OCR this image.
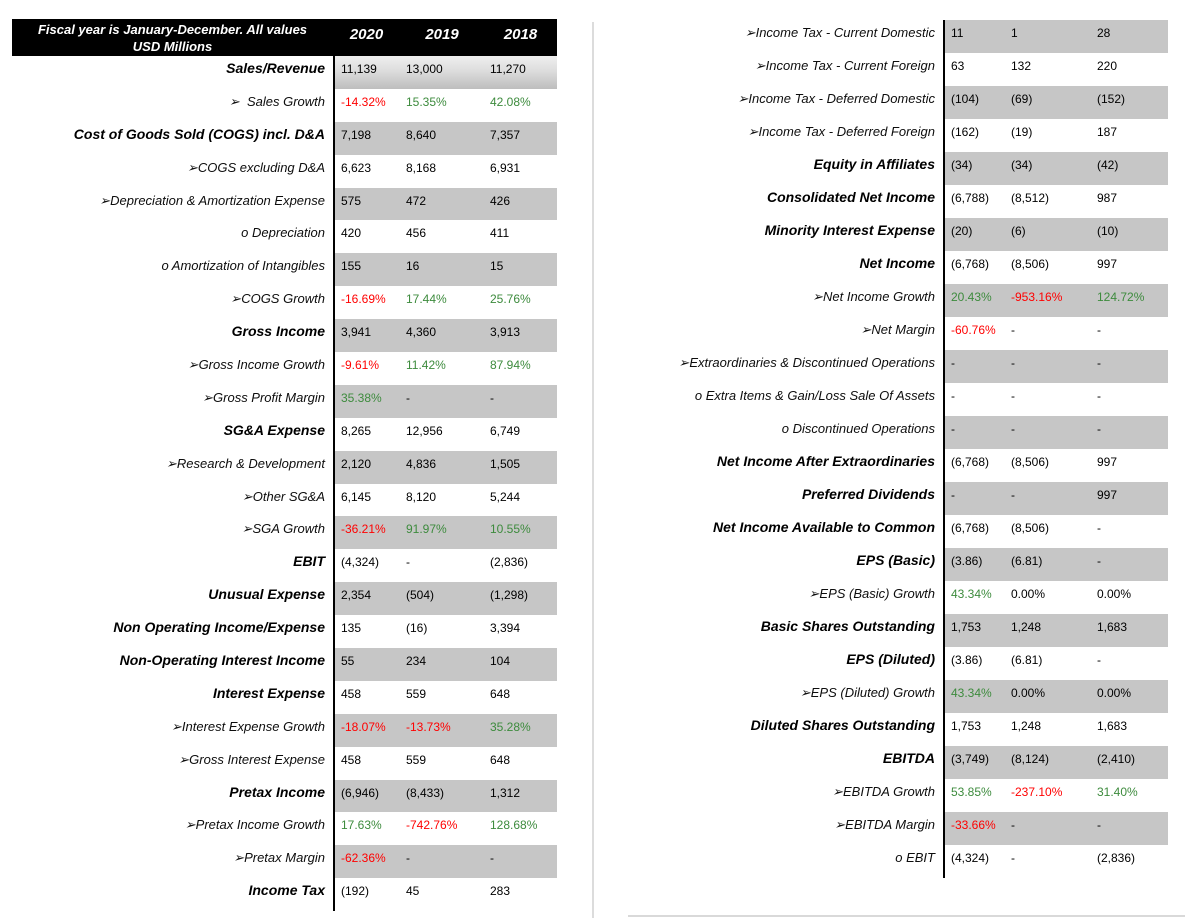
Fiscal year is January-December. All values
USD Millions
2020	2019	2018
Sales/Revenue	11,139	13,000	11,270
➢  Sales Growth	-14.32%	15.35%	42.08%
Cost of Goods Sold (COGS) incl. D&A	7,198	8,640	7,357
➢COGS excluding D&A	6,623	8,168	6,931
➢Depreciation & Amortization Expense	575	472	426
o Depreciation	420	456	411
o Amortization of Intangibles	155	16	15
➢COGS Growth	-16.69%	17.44%	25.76%
Gross Income	3,941	4,360	3,913
➢Gross Income Growth	-9.61%	11.42%	87.94%
➢Gross Profit Margin	35.38%	-	-
SG&A Expense	8,265	12,956	6,749
➢Research & Development	2,120	4,836	1,505
➢Other SG&A	6,145	8,120	5,244
➢SGA Growth	-36.21%	91.97%	10.55%
EBIT	(4,324)	-	(2,836)
Unusual Expense	2,354	(504)	(1,298)
Non Operating Income/Expense	135	(16)	3,394
Non-Operating Interest Income	55	234	104
Interest Expense	458	559	648
➢Interest Expense Growth	-18.07%	-13.73%	35.28%
➢Gross Interest Expense	458	559	648
Pretax Income	(6,946)	(8,433)	1,312
➢Pretax Income Growth	17.63%	-742.76%	128.68%
➢Pretax Margin	-62.36%	-	-
Income Tax	(192)	45	283
➢Income Tax - Current Domestic	11	1	28
➢Income Tax - Current Foreign	63	132	220
➢Income Tax - Deferred Domestic	(104)	(69)	(152)
➢Income Tax - Deferred Foreign	(162)	(19)	187
Equity in Affiliates	(34)	(34)	(42)
Consolidated Net Income	(6,788)	(8,512)	987
Minority Interest Expense	(20)	(6)	(10)
Net Income	(6,768)	(8,506)	997
➢Net Income Growth	20.43%	-953.16%	124.72%
➢Net Margin	-60.76%	-	-
➢Extraordinaries & Discontinued Operations	-	-	-
o Extra Items & Gain/Loss Sale Of Assets	-	-	-
o Discontinued Operations	-	-	-
Net Income After Extraordinaries	(6,768)	(8,506)	997
Preferred Dividends	-	-	997
Net Income Available to Common	(6,768)	(8,506)	-
EPS (Basic)	(3.86)	(6.81)	-
➢EPS (Basic) Growth	43.34%	0.00%	0.00%
Basic Shares Outstanding	1,753	1,248	1,683
EPS (Diluted)	(3.86)	(6.81)	-
➢EPS (Diluted) Growth	43.34%	0.00%	0.00%
Diluted Shares Outstanding	1,753	1,248	1,683
EBITDA	(3,749)	(8,124)	(2,410)
➢EBITDA Growth	53.85%	-237.10%	31.40%
➢EBITDA Margin	-33.66%	-	-
o EBIT	(4,324)	-	(2,836)
